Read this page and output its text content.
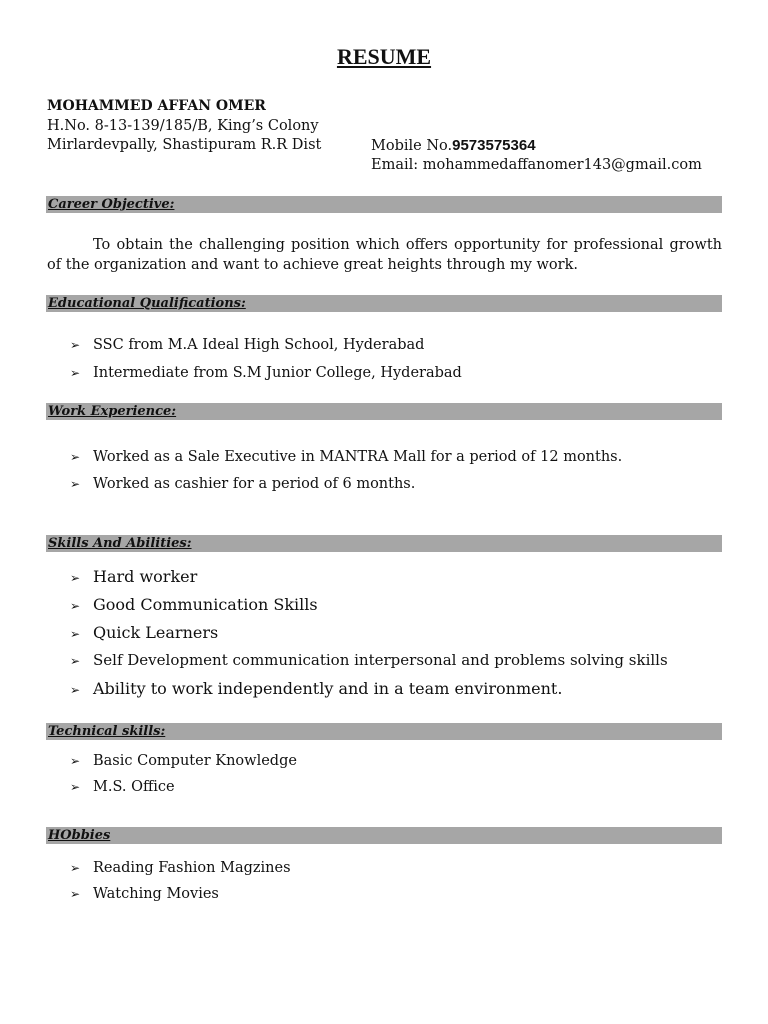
RESUME
MOHAMMED AFFAN OMER
H.No. 8-13-139/185/B, King’s Colony
Mirlardevpally, Shastipuram R.R Dist	Mobile No.9573575364
Email: mohammedaffanomer143@gmail.com
Career Objective:
To obtain the challenging position which offers opportunity for professional growth of the organization and want to achieve great heights through my work.
Educational Qualifications:
➢ SSC from M.A Ideal High School, Hyderabad
➢ Intermediate from S.M Junior College, Hyderabad
Work Experience:
➢ Worked as a Sale Executive in MANTRA Mall for a period of 12 months.
➢ Worked as cashier for a period of 6 months.
Skills And Abilities:
➢ Hard worker
➢ Good Communication Skills
➢ Quick Learners
➢ Self Development communication interpersonal and problems solving skills
➢ Ability to work independently and in a team environment.
Technical skills:
➢ Basic Computer Knowledge
➢ M.S. Office
HObbies
➢ Reading Fashion Magzines
➢ Watching Movies
